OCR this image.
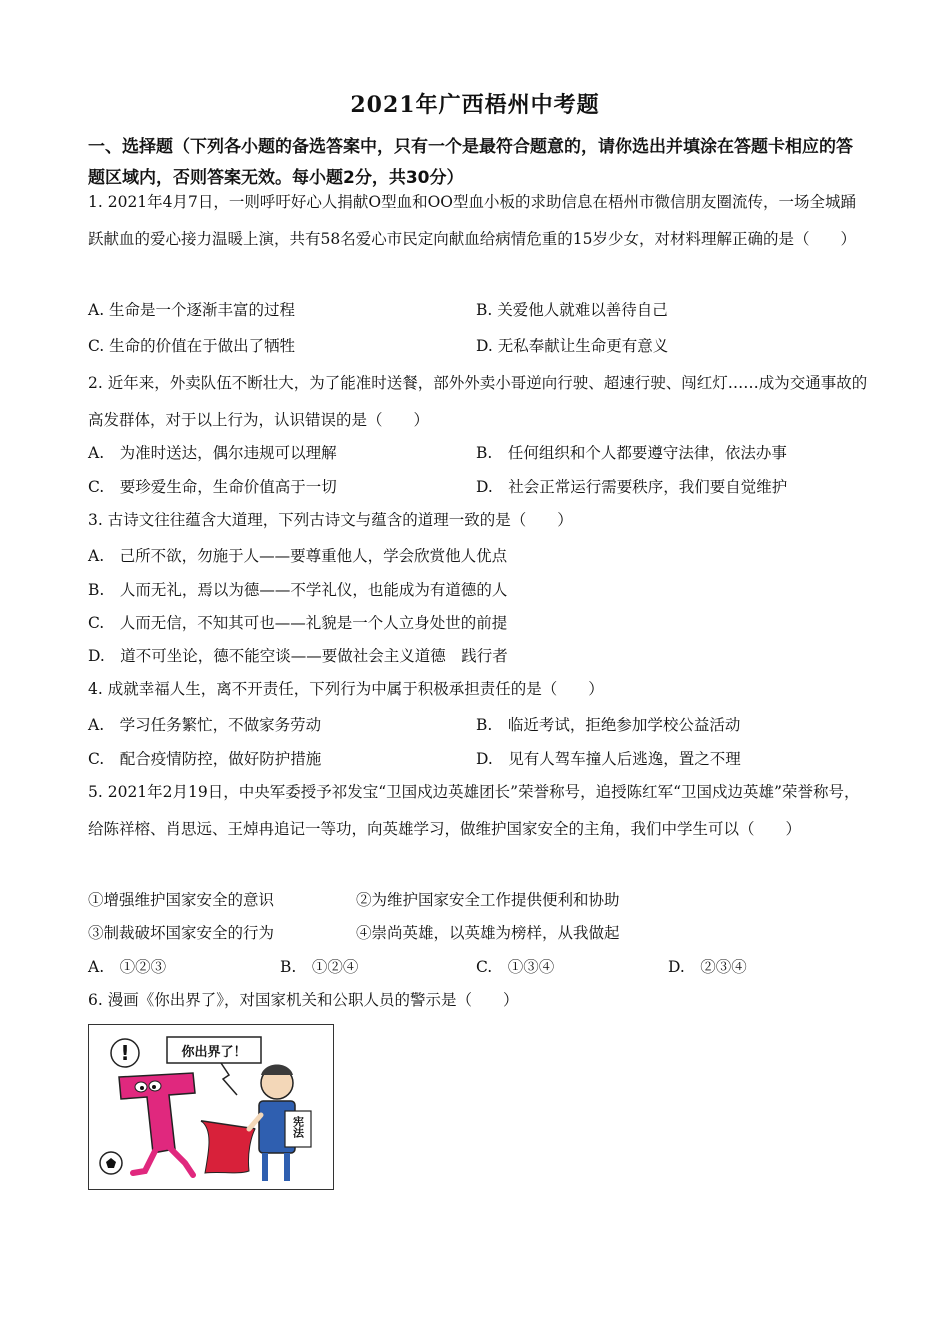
2021年广西梧州中考题
一、选择题（下列各小题的备选答案中，只有一个是最符合题意的，请你选出并填涂在答题卡相应的答题区域内，否则答案无效。每小题2分，共30分）
1. 2021年4月7日，一则呼吁好心人捐献O型血和OO型血小板的求助信息在梧州市微信朋友圈流传，一场全城踊跃献血的爱心接力温暖上演，共有58名爱心市民定向献血给病情危重的15岁少女，对材料理解正确的是（　　）
A. 生命是一个逐渐丰富的过程	B. 关爱他人就难以善待自己
C. 生命的价值在于做出了牺牲	D. 无私奉献让生命更有意义
2. 近年来，外卖队伍不断壮大，为了能准时送餐，部外外卖小哥逆向行驶、超速行驶、闯红灯……成为交通事故的高发群体，对于以上行为，认识错误的是（　　）
A.　为准时送达，偶尔违规可以理解	B.　任何组织和个人都要遵守法律，依法办事
C.　要珍爱生命，生命价值高于一切	D.　社会正常运行需要秩序，我们要自觉维护
3. 古诗文往往蕴含大道理，下列古诗文与蕴含的道理一致的是（　　）
A.　己所不欲，勿施于人——要尊重他人，学会欣赏他人优点
B.　人而无礼，焉以为德——不学礼仪，也能成为有道德的人
C.　人而无信，不知其可也——礼貌是一个人立身处世的前提
D.　道不可坐论，德不能空谈——要做社会主义道德　践行者
4. 成就幸福人生，离不开责任，下列行为中属于积极承担责任的是（　　）
A.　学习任务繁忙，不做家务劳动	B.　临近考试，拒绝参加学校公益活动
C.　配合疫情防控，做好防护措施	D.　见有人驾车撞人后逃逸，置之不理
5. 2021年2月19日，中央军委授予祁发宝“卫国戍边英雄团长”荣誉称号，追授陈红军“卫国戍边英雄”荣誉称号，给陈祥榕、肖思远、王焯冉追记一等功，向英雄学习，做维护国家安全的主角，我们中学生可以（　　）
①增强维护国家安全的意识	②为维护国家安全工作提供便利和协助
③制裁破坏国家安全的行为	④崇尚英雄，以英雄为榜样，从我做起
A.　①②③	B.　①②④	C.　①③④	D.　②③④
6. 漫画《你出界了》，对国家机关和公职人员的警示是（　　）
你出界了！
!
宪法
